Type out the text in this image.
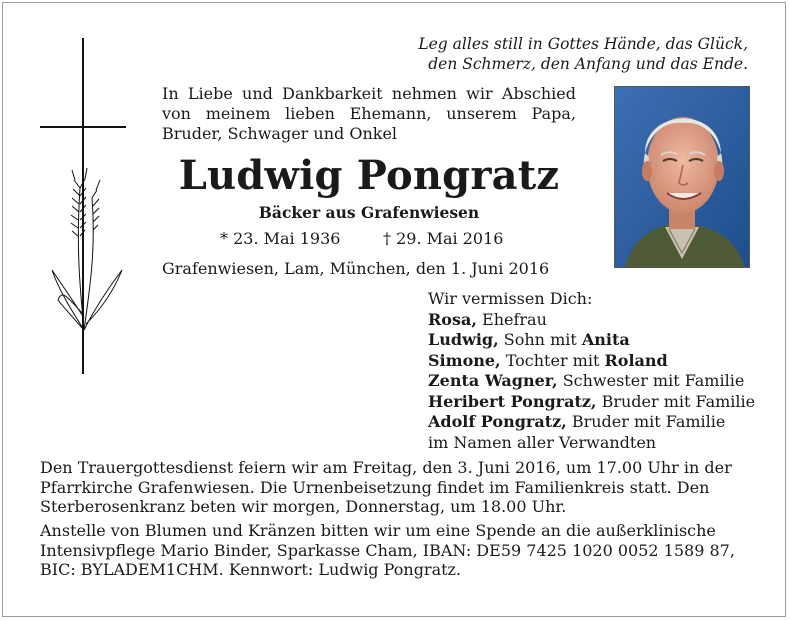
Leg alles still in Gottes Hände, das Glück,
den Schmerz, den Anfang und das Ende.
In Liebe und Dankbarkeit nehmen wir Abschied
von meinem lieben Ehemann, unserem Papa,
Bruder, Schwager und Onkel
Ludwig Pongratz
Bäcker aus Grafenwiesen
* 23. Mai 1936	† 29. Mai 2016
Grafenwiesen, Lam, München, den 1. Juni 2016
Wir vermissen Dich:
Rosa, Ehefrau
Ludwig, Sohn mit Anita
Simone, Tochter mit Roland
Zenta Wagner, Schwester mit Familie
Heribert Pongratz, Bruder mit Familie
Adolf Pongratz, Bruder mit Familie
im Namen aller Verwandten
Den Trauergottesdienst feiern wir am Freitag, den 3. Juni 2016, um 17.00 Uhr in der
Pfarrkirche Grafenwiesen. Die Urnenbeisetzung findet im Familienkreis statt. Den
Sterberosenkranz beten wir morgen, Donnerstag, um 18.00 Uhr.
Anstelle von Blumen und Kränzen bitten wir um eine Spende an die außerklinische
Intensivpflege Mario Binder, Sparkasse Cham, IBAN: DE59 7425 1020 0052 1589 87,
BIC: BYLADEM1CHM. Kennwort: Ludwig Pongratz.
